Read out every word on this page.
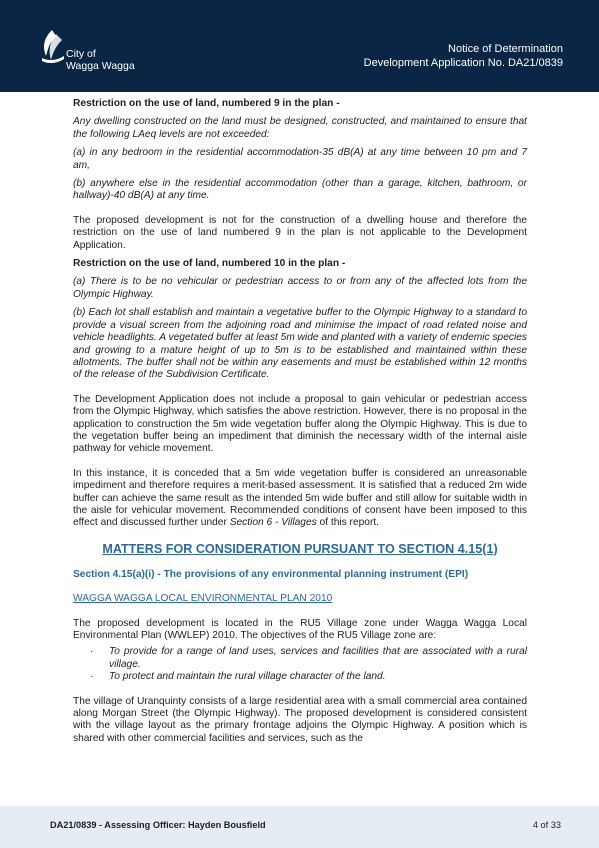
City of
Wagga Wagga
Notice of Determination
Development Application No. DA21/0839

Restriction on the use of land, numbered 9 in the plan -

Any dwelling constructed on the land must be designed, constructed, and maintained to ensure that the following LAeq levels are not exceeded:

(a) in any bedroom in the residential accommodation-35 dB(A) at any time between 10 pm and 7 am,

(b) anywhere else in the residential accommodation (other than a garage, kitchen, bathroom, or hallway)-40 dB(A) at any time.

The proposed development is not for the construction of a dwelling house and therefore the restriction on the use of land numbered 9 in the plan is not applicable to the Development Application.

Restriction on the use of land, numbered 10 in the plan -

(a) There is to be no vehicular or pedestrian access to or from any of the affected lots from the Olympic Highway.

(b) Each lot shall establish and maintain a vegetative buffer to the Olympic Highway to a standard to provide a visual screen from the adjoining road and minimise the impact of road related noise and vehicle headlights. A vegetated buffer at least 5m wide and planted with a variety of endemic species and growing to a mature height of up to 5m is to be established and maintained within these allotments. The buffer shall not be within any easements and must be established within 12 months of the release of the Subdivision Certificate.

The Development Application does not include a proposal to gain vehicular or pedestrian access from the Olympic Highway, which satisfies the above restriction. However, there is no proposal in the application to construction the 5m wide vegetation buffer along the Olympic Highway. This is due to the vegetation buffer being an impediment that diminish the necessary width of the internal aisle pathway for vehicle movement.

In this instance, it is conceded that a 5m wide vegetation buffer is considered an unreasonable impediment and therefore requires a merit-based assessment. It is satisfied that a reduced 2m wide buffer can achieve the same result as the intended 5m wide buffer and still allow for suitable width in the aisle for vehicular movement. Recommended conditions of consent have been imposed to this effect and discussed further under Section 6 - Villages of this report.

MATTERS FOR CONSIDERATION PURSUANT TO SECTION 4.15(1)

Section 4.15(a)(i) - The provisions of any environmental planning instrument (EPI)

WAGGA WAGGA LOCAL ENVIRONMENTAL PLAN 2010

The proposed development is located in the RU5 Village zone under Wagga Wagga Local Environmental Plan (WWLEP) 2010. The objectives of the RU5 Village zone are:

· To provide for a range of land uses, services and facilities that are associated with a rural village.
· To protect and maintain the rural village character of the land.

The village of Uranquinty consists of a large residential area with a small commercial area contained along Morgan Street (the Olympic Highway). The proposed development is considered consistent with the village layout as the primary frontage adjoins the Olympic Highway. A position which is shared with other commercial facilities and services, such as the

DA21/0839 - Assessing Officer: Hayden Bousfield	4 of 33
